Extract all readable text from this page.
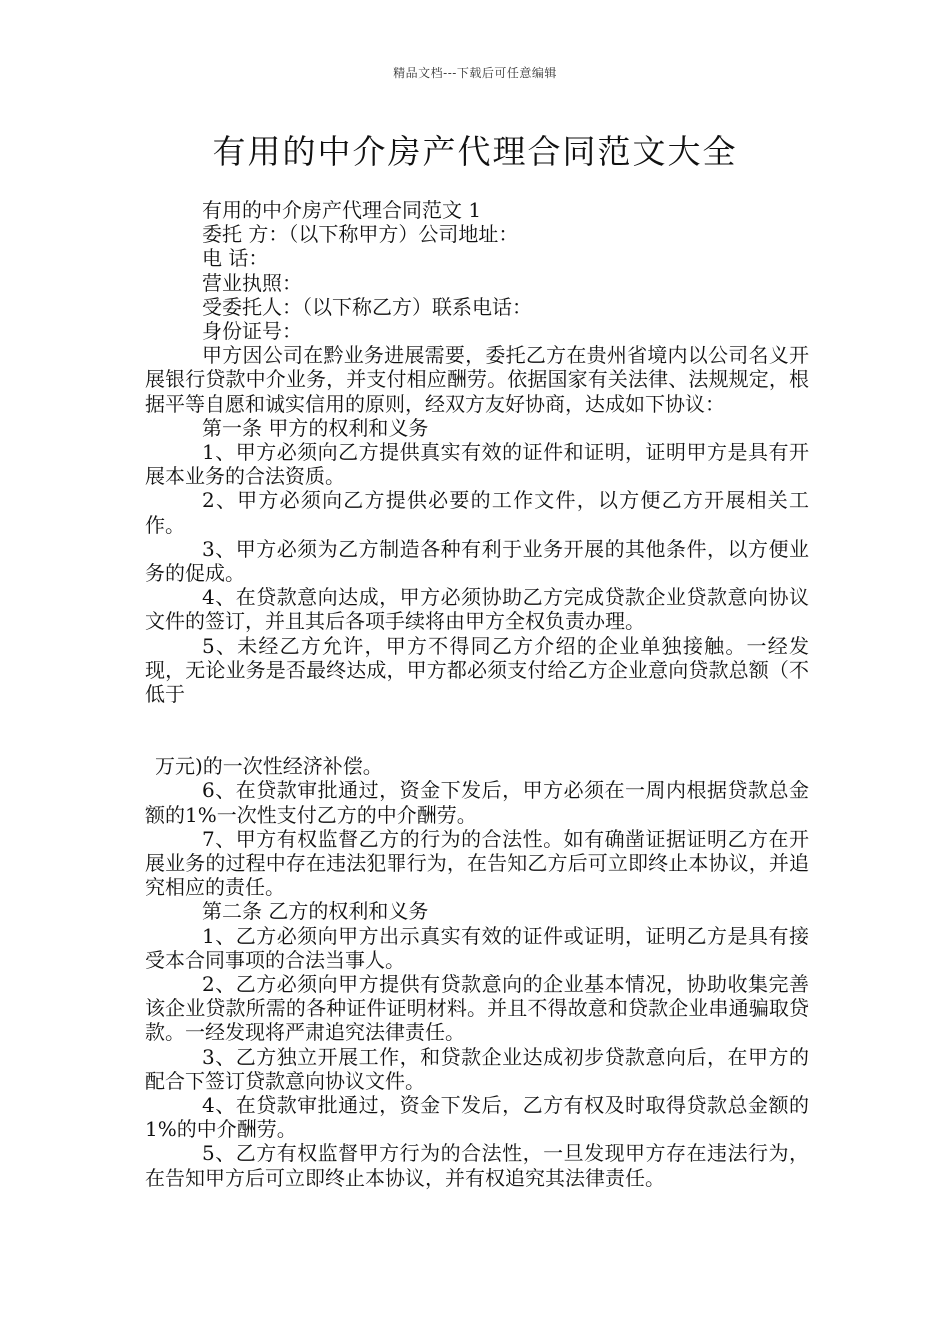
精品文档---下载后可任意编辑
有用的中介房产代理合同范文大全
有用的中介房产代理合同范文 1
委托 方：（以下称甲方）公司地址：
电 话：
营业执照：
受委托人：（以下称乙方）联系电话：
身份证号：

甲方因公司在黔业务进展需要，委托乙方在贵州省境内以公司名义开展银行贷款中介业务，并支付相应酬劳。依据国家有关法律、法规规定，根据平等自愿和诚实信用的原则，经双方友好协商，达成如下协议：

第一条 甲方的权利和义务

1、甲方必须向乙方提供真实有效的证件和证明，证明甲方是具有开展本业务的合法资质。

2、甲方必须向乙方提供必要的工作文件，以方便乙方开展相关工作。

3、甲方必须为乙方制造各种有利于业务开展的其他条件，以方便业务的促成。

4、在贷款意向达成，甲方必须协助乙方完成贷款企业贷款意向协议文件的签订，并且其后各项手续将由甲方全权负责办理。

5、未经乙方允许，甲方不得同乙方介绍的企业单独接触。一经发现，无论业务是否最终达成，甲方都必须支付给乙方企业意向贷款总额（不低于

万元)的一次性经济补偿。

6、在贷款审批通过，资金下发后，甲方必须在一周内根据贷款总金额的1%一次性支付乙方的中介酬劳。

7、甲方有权监督乙方的行为的合法性。如有确凿证据证明乙方在开展业务的过程中存在违法犯罪行为，在告知乙方后可立即终止本协议，并追究相应的责任。

第二条 乙方的权利和义务

1、乙方必须向甲方出示真实有效的证件或证明，证明乙方是具有接受本合同事项的合法当事人。

2、乙方必须向甲方提供有贷款意向的企业基本情况，协助收集完善该企业贷款所需的各种证件证明材料。并且不得故意和贷款企业串通骗取贷款。一经发现将严肃追究法律责任。

3、乙方独立开展工作，和贷款企业达成初步贷款意向后，在甲方的配合下签订贷款意向协议文件。

4、在贷款审批通过，资金下发后，乙方有权及时取得贷款总金额的1%的中介酬劳。

5、乙方有权监督甲方行为的合法性，一旦发现甲方存在违法行为，在告知甲方后可立即终止本协议，并有权追究其法律责任。
